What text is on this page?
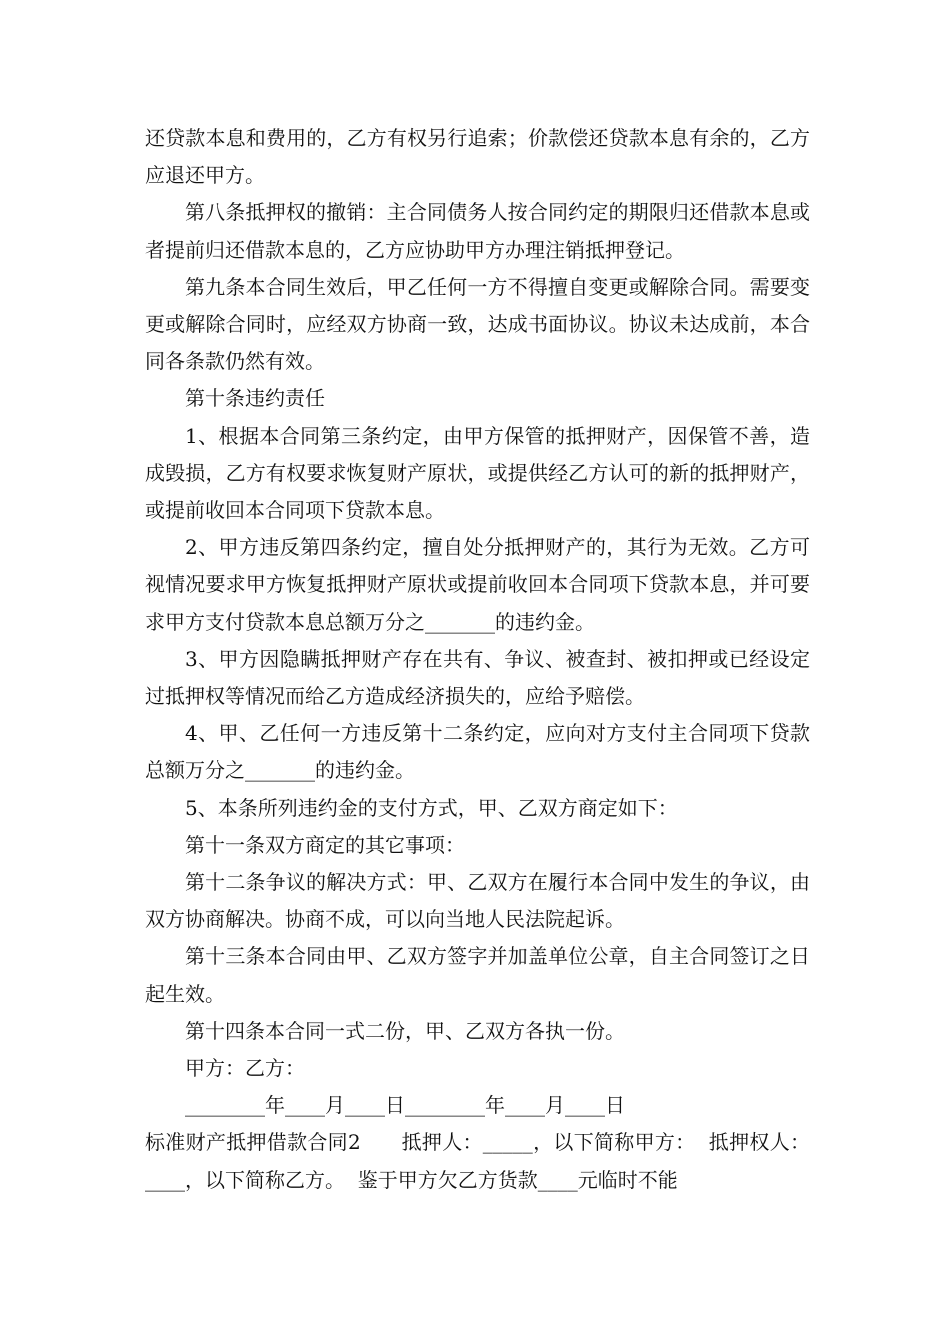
还贷款本息和费用的，乙方有权另行追索；价款偿还贷款本息有余的，乙方应退还甲方。

第八条抵押权的撤销：主合同债务人按合同约定的期限归还借款本息或者提前归还借款本息的，乙方应协助甲方办理注销抵押登记。

第九条本合同生效后，甲乙任何一方不得擅自变更或解除合同。需要变更或解除合同时，应经双方协商一致，达成书面协议。协议未达成前，本合同各条款仍然有效。

第十条违约责任

1、根据本合同第三条约定，由甲方保管的抵押财产，因保管不善，造成毁损，乙方有权要求恢复财产原状，或提供经乙方认可的新的抵押财产，或提前收回本合同项下贷款本息。

2、甲方违反第四条约定，擅自处分抵押财产的，其行为无效。乙方可视情况要求甲方恢复抵押财产原状或提前收回本合同项下贷款本息，并可要求甲方支付贷款本息总额万分之_______的违约金。

3、甲方因隐瞒抵押财产存在共有、争议、被查封、被扣押或已经设定过抵押权等情况而给乙方造成经济损失的，应给予赔偿。

4、甲、乙任何一方违反第十二条约定，应向对方支付主合同项下贷款总额万分之_______的违约金。

5、本条所列违约金的支付方式，甲、乙双方商定如下：

第十一条双方商定的其它事项：

第十二条争议的解决方式：甲、乙双方在履行本合同中发生的争议，由双方协商解决。协商不成，可以向当地人民法院起诉。

第十三条本合同由甲、乙双方签字并加盖单位公章，自主合同签订之日起生效。

第十四条本合同一式二份，甲、乙双方各执一份。

甲方：乙方：

________年____月____日________年____月____日

标准财产抵押借款合同2　　抵押人：_____，以下简称甲方：  抵押权人：____，以下简称乙方。  鉴于甲方欠乙方货款____元临时不能
